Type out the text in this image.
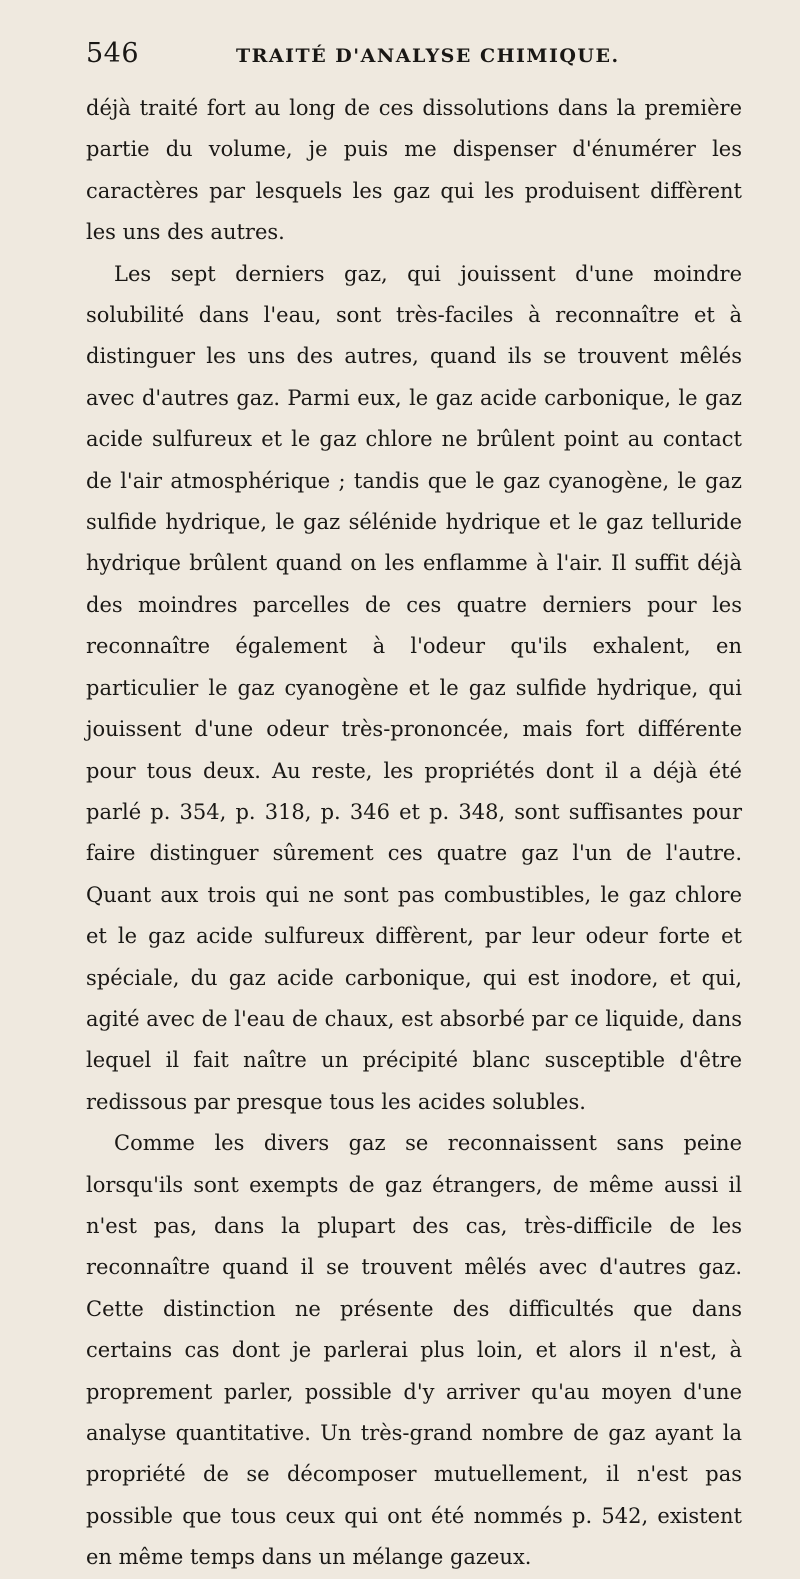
546	TRAITÉ D'ANALYSE CHIMIQUE.

déjà traité fort au long de ces dissolutions dans la première partie du volume, je puis me dispenser d'énumérer les caractères par lesquels les gaz qui les produisent diffèrent les uns des autres.

Les sept derniers gaz, qui jouissent d'une moindre solubilité dans l'eau, sont très-faciles à reconnaître et à distinguer les uns des autres, quand ils se trouvent mêlés avec d'autres gaz. Parmi eux, le gaz acide carbonique, le gaz acide sulfureux et le gaz chlore ne brûlent point au contact de l'air atmosphérique ; tandis que le gaz cyanogène, le gaz sulfide hydrique, le gaz sélénide hydrique et le gaz telluride hydrique brûlent quand on les enflamme à l'air. Il suffit déjà des moindres parcelles de ces quatre derniers pour les reconnaître également à l'odeur qu'ils exhalent, en particulier le gaz cyanogène et le gaz sulfide hydrique, qui jouissent d'une odeur très-prononcée, mais fort différente pour tous deux. Au reste, les propriétés dont il a déjà été parlé p. 354, p. 318, p. 346 et p. 348, sont suffisantes pour faire distinguer sûrement ces quatre gaz l'un de l'autre. Quant aux trois qui ne sont pas combustibles, le gaz chlore et le gaz acide sulfureux diffèrent, par leur odeur forte et spéciale, du gaz acide carbonique, qui est inodore, et qui, agité avec de l'eau de chaux, est absorbé par ce liquide, dans lequel il fait naître un précipité blanc susceptible d'être redissous par presque tous les acides solubles.

Comme les divers gaz se reconnaissent sans peine lorsqu'ils sont exempts de gaz étrangers, de même aussi il n'est pas, dans la plupart des cas, très-difficile de les reconnaître quand il se trouvent mêlés avec d'autres gaz. Cette distinction ne présente des difficultés que dans certains cas dont je parlerai plus loin, et alors il n'est, à proprement parler, possible d'y arriver qu'au moyen d'une analyse quantitative. Un très-grand nombre de gaz ayant la propriété de se décomposer mutuellement, il n'est pas possible que tous ceux qui ont été nommés p. 542, existent en même temps dans un mélange gazeux.
